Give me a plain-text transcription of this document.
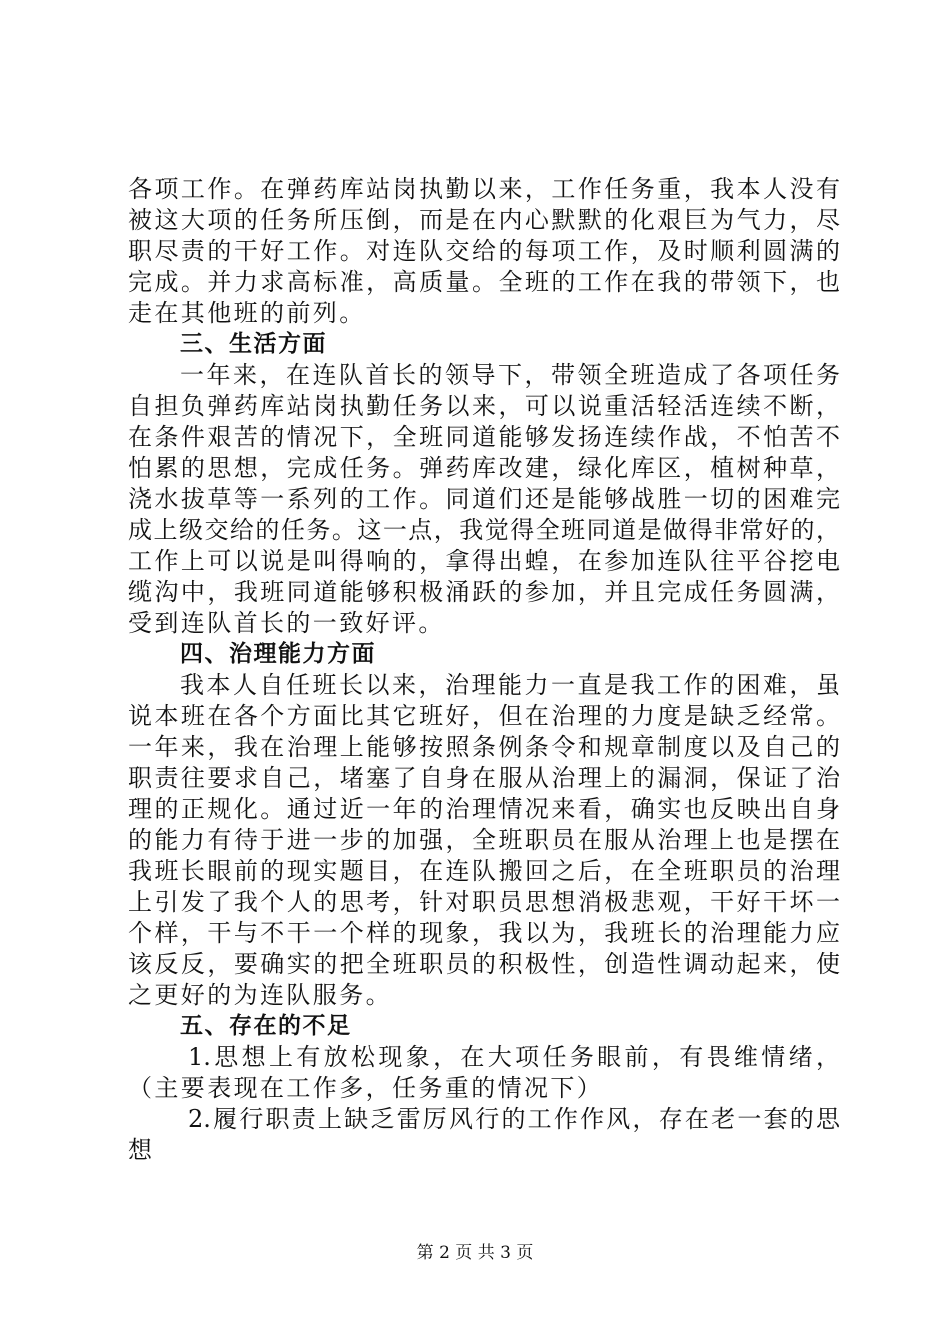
各项工作。在弹药库站岗执勤以来，工作任务重，我本人没有
被这大项的任务所压倒，而是在内心默默的化艰巨为气力，尽
职尽责的干好工作。对连队交给的每项工作，及时顺利圆满的
完成。并力求高标准，高质量。全班的工作在我的带领下，也
走在其他班的前列。
三、生活方面
一年来，在连队首长的领导下，带领全班造成了各项任务
自担负弹药库站岗执勤任务以来，可以说重活轻活连续不断，
在条件艰苦的情况下，全班同道能够发扬连续作战，不怕苦不
怕累的思想，完成任务。弹药库改建，绿化库区，植树种草，
浇水拔草等一系列的工作。同道们还是能够战胜一切的困难完
成上级交给的任务。这一点，我觉得全班同道是做得非常好的，
工作上可以说是叫得响的，拿得出蝗，在参加连队往平谷挖电
缆沟中，我班同道能够积极涌跃的参加，并且完成任务圆满，
受到连队首长的一致好评。
四、治理能力方面
我本人自任班长以来，治理能力一直是我工作的困难，虽
说本班在各个方面比其它班好，但在治理的力度是缺乏经常。
一年来，我在治理上能够按照条例条令和规章制度以及自己的
职责往要求自己，堵塞了自身在服从治理上的漏洞，保证了治
理的正规化。通过近一年的治理情况来看，确实也反映出自身
的能力有待于进一步的加强，全班职员在服从治理上也是摆在
我班长眼前的现实题目，在连队搬回之后，在全班职员的治理
上引发了我个人的思考，针对职员思想消极悲观，干好干坏一
个样，干与不干一个样的现象，我以为，我班长的治理能力应
该反反，要确实的把全班职员的积极性，创造性调动起来，使
之更好的为连队服务。
五、存在的不足
1.思想上有放松现象，在大项任务眼前，有畏维情绪，
（主要表现在工作多，任务重的情况下）
2.履行职责上缺乏雷厉风行的工作作风，存在老一套的思
想
第 2 页 共 3 页
